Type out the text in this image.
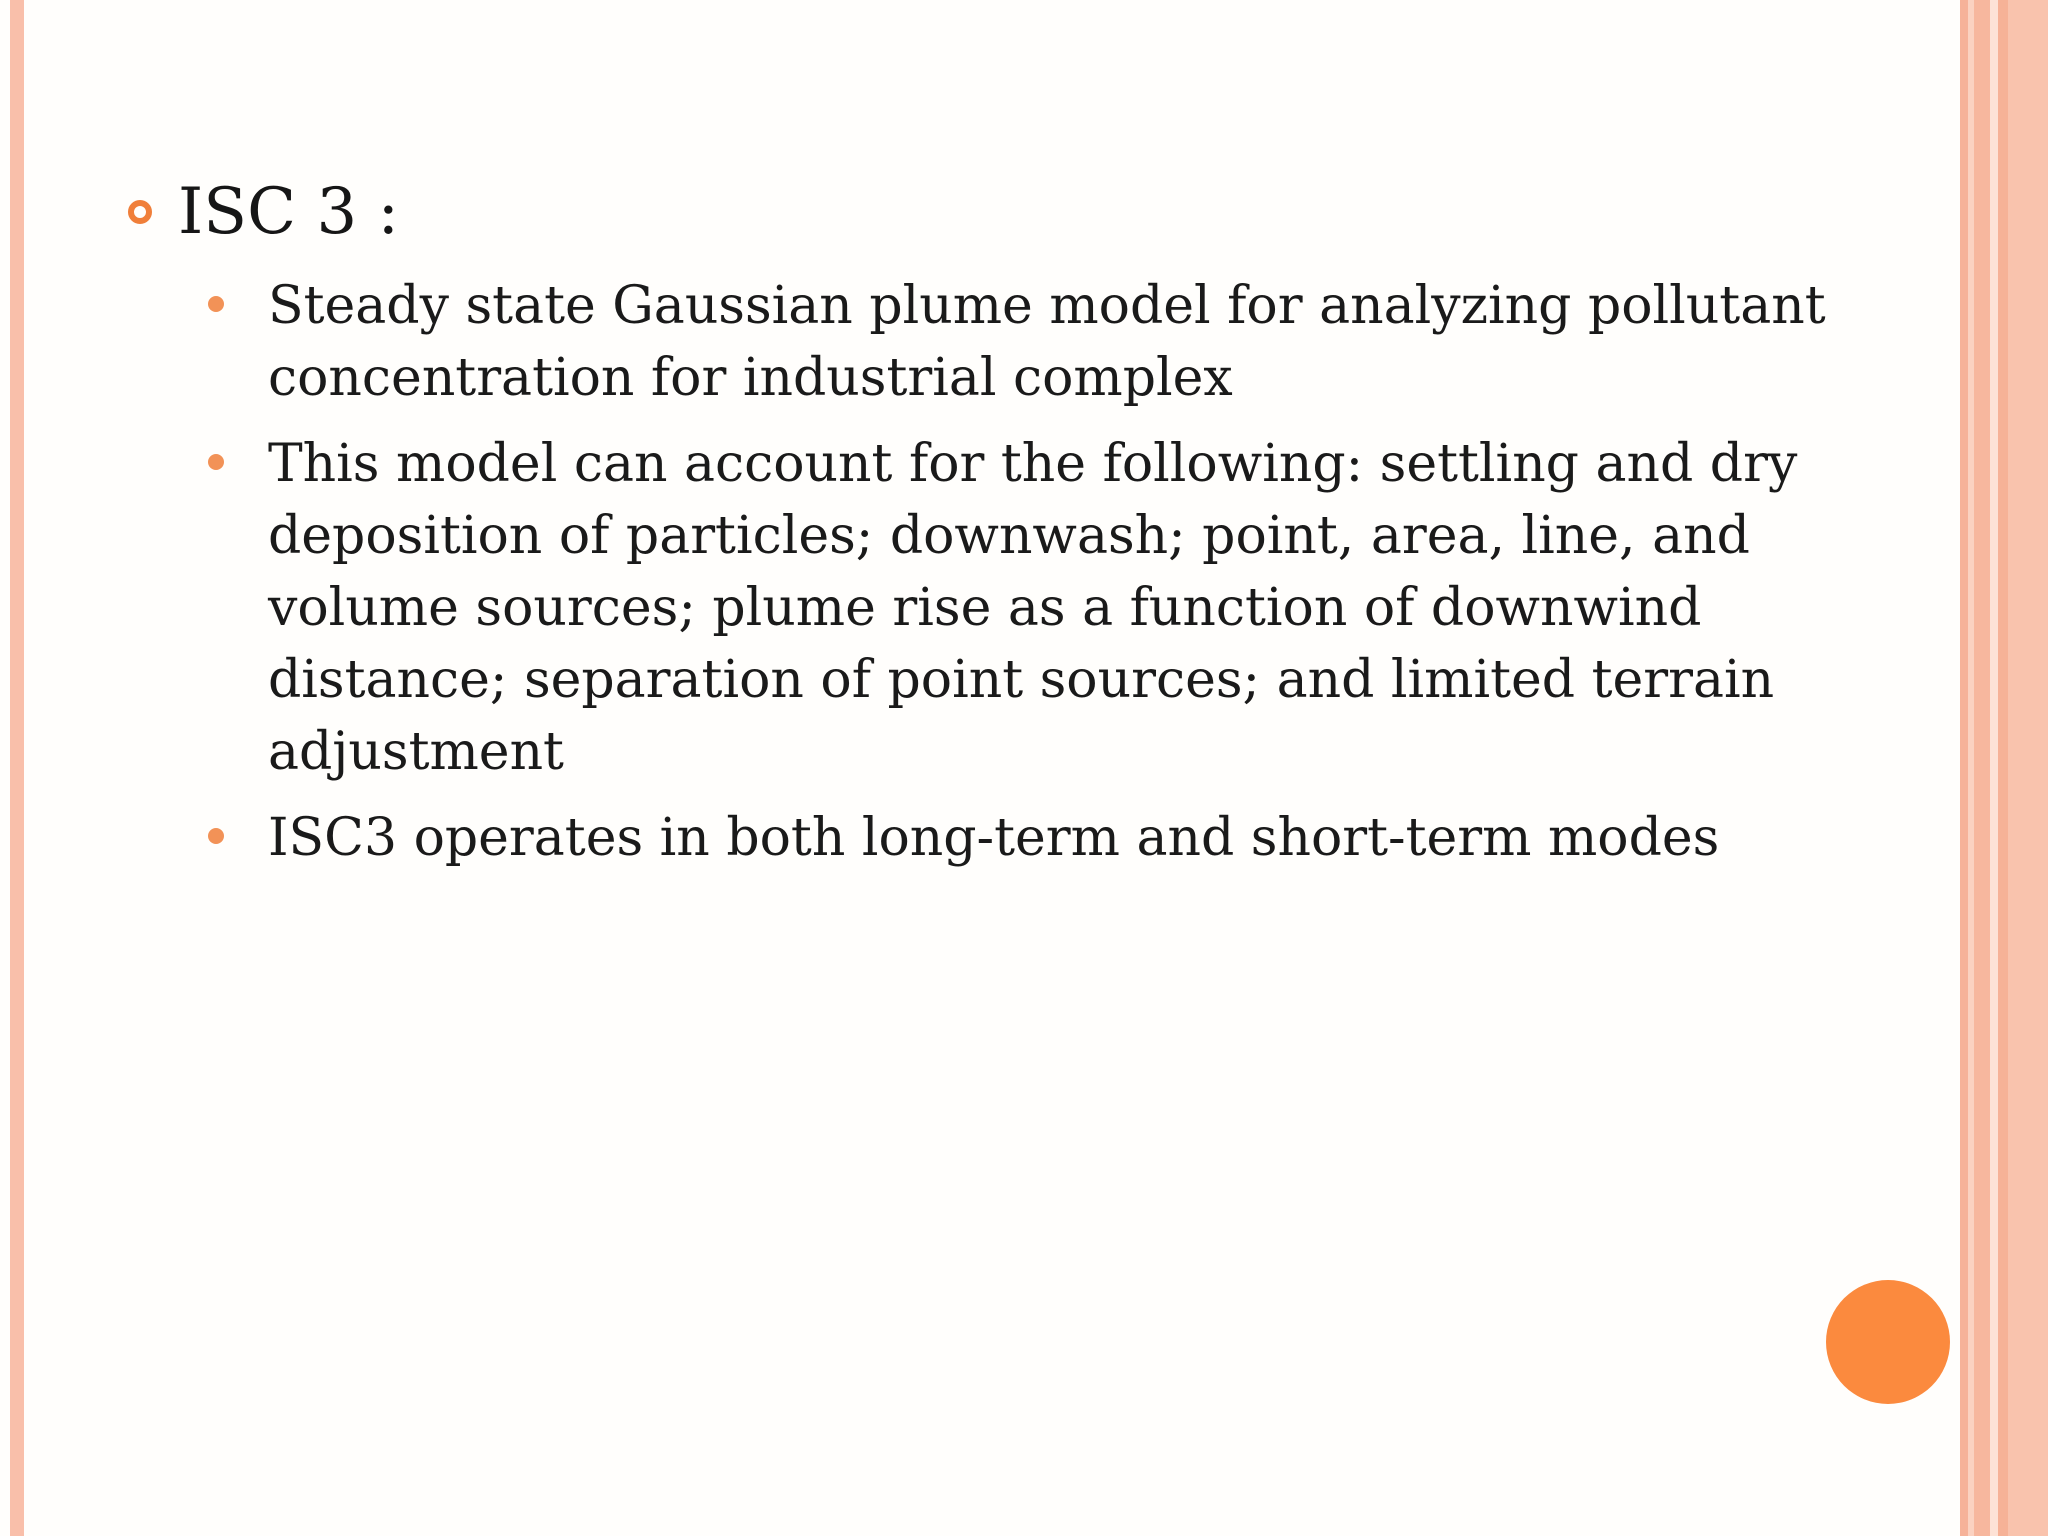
ISC 3 :
Steady state Gaussian plume model for analyzing pollutant concentration for industrial complex
This model can account for the following: settling and dry deposition of particles; downwash; point, area, line, and volume sources; plume rise as a function of downwind distance; separation of point sources; and limited terrain adjustment
ISC3 operates in both long-term and short-term modes
